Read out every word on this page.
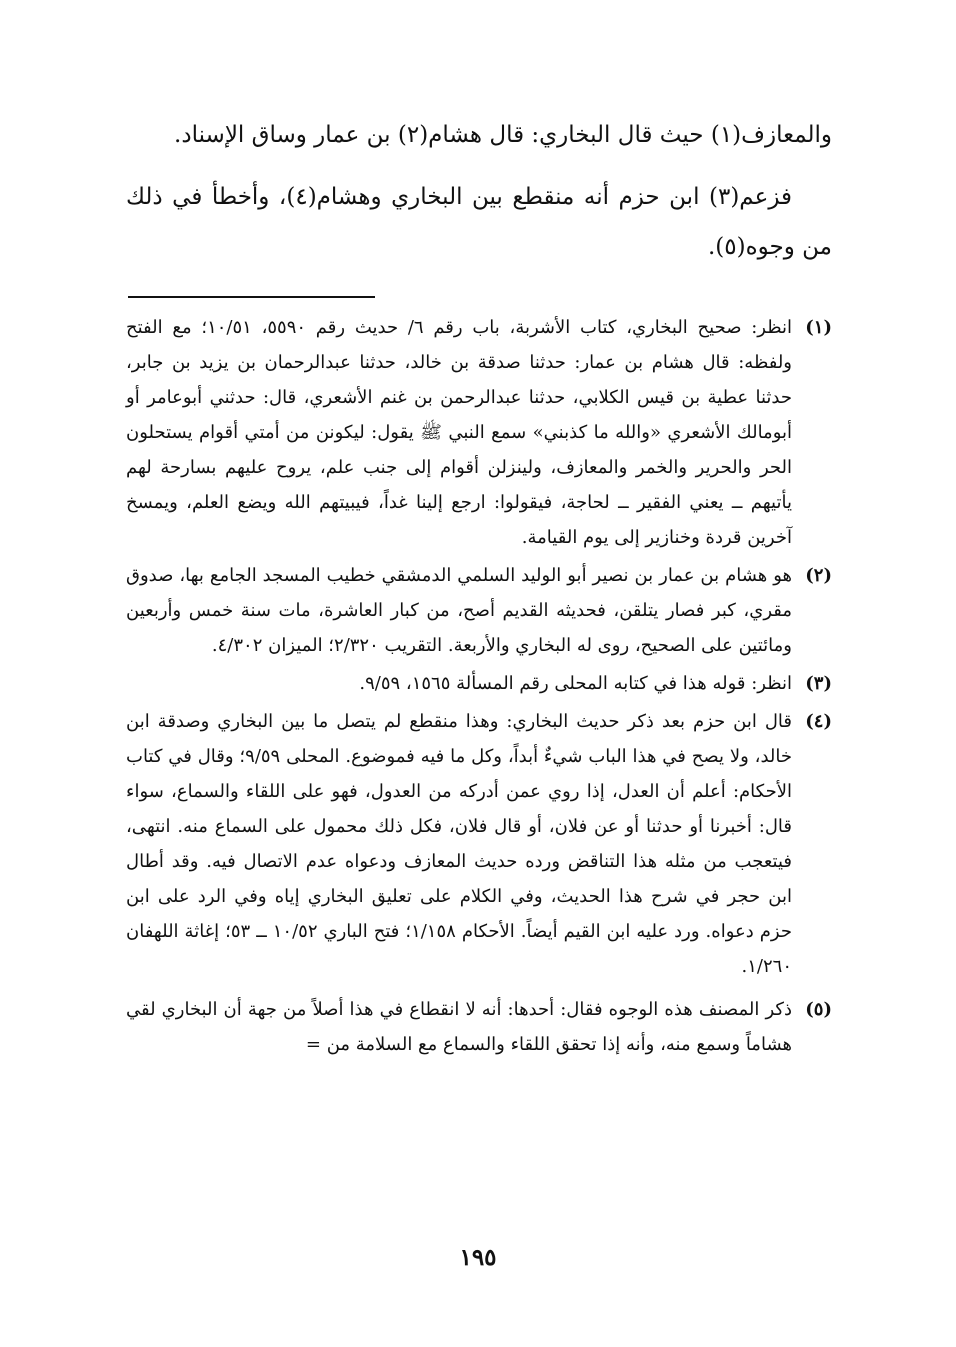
والمعازف(١) حيث قال البخاري: قال هشام(٢) بن عمار وساق الإسناد.

فزعم(٣) ابن حزم أنه منقطع بين البخاري وهشام(٤)، وأخطأ في ذلك من وجوه(٥).

(١)
انظر: صحيح البخاري، كتاب الأشربة، باب رقم ٦/ حديث رقم ٥٥٩٠، ١٠/٥١؛ مع الفتح ولفظه: قال هشام بن عمار: حدثنا صدقة بن خالد، حدثنا عبدالرحمان بن يزيد بن جابر، حدثنا عطية بن قيس الكلابي، حدثنا عبدالرحمن بن غنم الأشعري، قال: حدثني أبوعامر أو أبومالك الأشعري «والله ما كذبني» سمع النبي ﷺ يقول: ليكونن من أمتي أقوام يستحلون الحر والحرير والخمر والمعازف، ولينزلن أقوام إلى جنب علم، يروح عليهم بسارحة لهم يأتيهم ــ يعني الفقير ــ لحاجة، فيقولوا: ارجع إلينا غداً، فيبيتهم الله ويضع العلم، ويمسخ آخرين قردة وخنازير إلى يوم القيامة.
(٢)
هو هشام بن عمار بن نصير أبو الوليد السلمي الدمشقي خطيب المسجد الجامع بها، صدوق مقري، كبر فصار يتلقن، فحديثه القديم أصح، من كبار العاشرة، مات سنة خمس وأربعين ومائتين على الصحيح، روى له البخاري والأربعة. التقريب ٢/٣٢٠؛ الميزان ٤/٣٠٢.
(٣)
انظر: قوله هذا في كتابه المحلى رقم المسألة ١٥٦٥، ٩/٥٩.
(٤)
قال ابن حزم بعد ذكر حديث البخاري: وهذا منقطع لم يتصل ما بين البخاري وصدقة ابن خالد، ولا يصح في هذا الباب شيءٌ أبداً، وكل ما فيه فموضوع. المحلى ٩/٥٩؛ وقال في كتاب الأحكام: أعلم أن العدل، إذا روي عمن أدركه من العدول، فهو على اللقاء والسماع، سواء قال: أخبرنا أو حدثنا أو عن فلان، أو قال فلان، فكل ذلك محمول على السماع منه. انتهى، فيتعجب من مثله هذا التناقض ورده حديث المعازف ودعواه عدم الاتصال فيه. وقد أطال ابن حجر في شرح هذا الحديث، وفي الكلام على تعليق البخاري إياه وفي الرد على ابن حزم دعواه. ورد عليه ابن القيم أيضاً. الأحكام ١/١٥٨؛ فتح الباري ١٠/٥٢ ــ ٥٣؛ إغاثة اللهفان ١/٢٦٠.
(٥)
ذكر المصنف هذه الوجوه فقال: أحدها: أنه لا انقطاع في هذا أصلاً من جهة أن البخاري لقي هشاماً وسمع منه، وأنه إذا تحقق اللقاء والسماع مع السلامة من =
١٩٥
